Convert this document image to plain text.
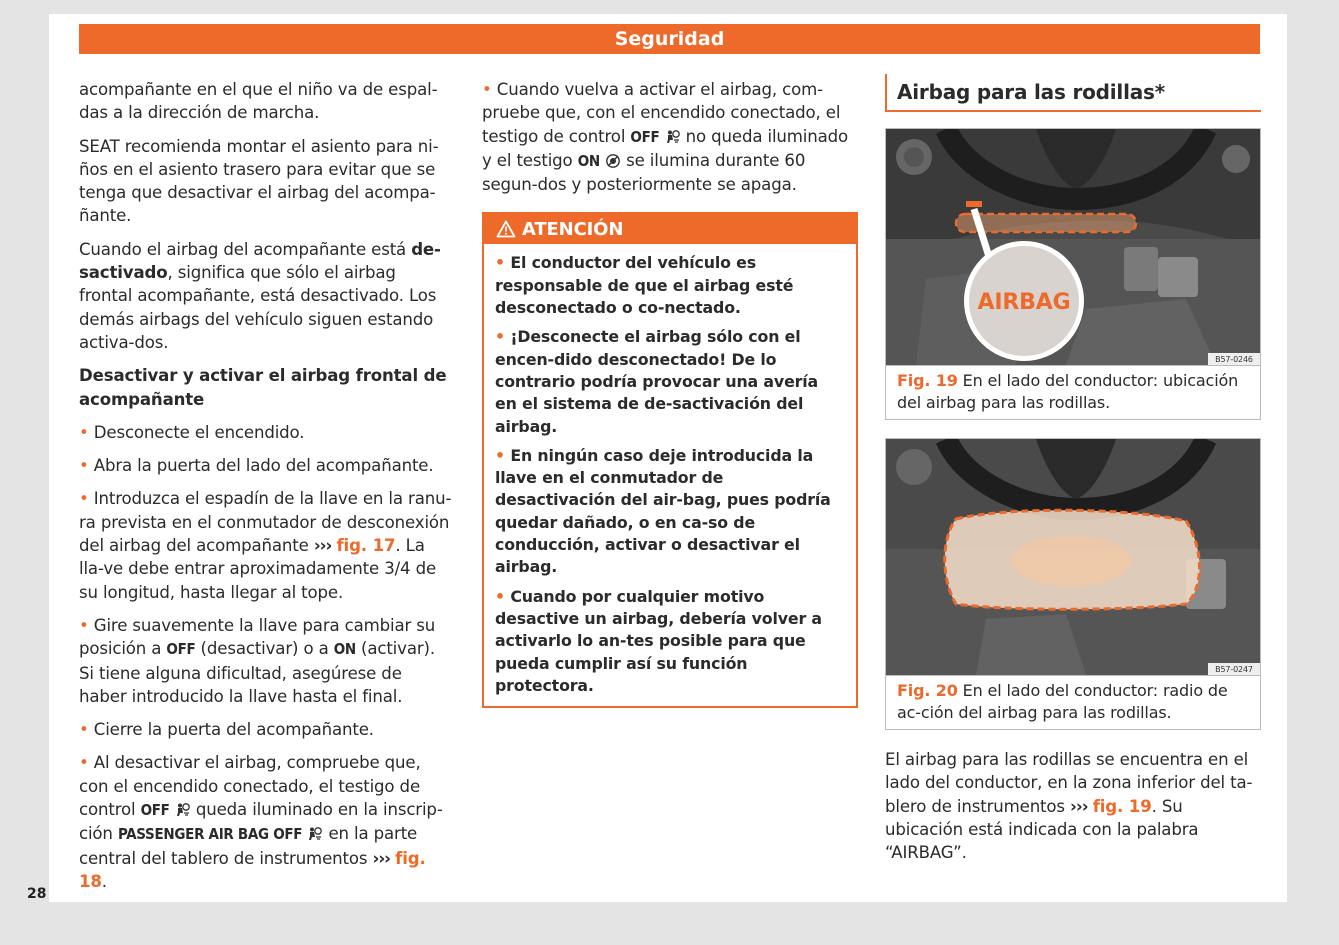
Seguridad
28

acompañante en el que el niño va de espal-das a la dirección de marcha.

SEAT recomienda montar el asiento para ni-ños en el asiento trasero para evitar que se tenga que desactivar el airbag del acompa-ñante.

Cuando el airbag del acompañante está de-sactivado, significa que sólo el airbag frontal acompañante, está desactivado. Los demás airbags del vehículo siguen estando activa-dos.

Desactivar y activar el airbag frontal de acompañante

• Desconecte el encendido.

• Abra la puerta del lado del acompañante.

• Introduzca el espadín de la llave en la ranu-ra prevista en el conmutador de desconexión del airbag del acompañante ››› fig. 17. La lla-ve debe entrar aproximadamente 3/4 de su longitud, hasta llegar al tope.

• Gire suavemente la llave para cambiar su posición a OFF (desactivar) o a ON (activar). Si tiene alguna dificultad, asegúrese de haber introducido la llave hasta el final.

• Cierre la puerta del acompañante.

• Al desactivar el airbag, compruebe que, con el encendido conectado, el testigo de control OFF  queda iluminado en la inscrip-ción PASSENGER AIR BAG OFF  en la parte central del tablero de instrumentos ››› fig. 18.

• Cuando vuelva a activar el airbag, com-pruebe que, con el encendido conectado, el testigo de control OFF  no queda iluminado y el testigo ON  se ilumina durante 60 segun-dos y posteriormente se apaga.

ATENCIÓN

• El conductor del vehículo es responsable de que el airbag esté desconectado o co-nectado.

• ¡Desconecte el airbag sólo con el encen-dido desconectado! De lo contrario podría provocar una avería en el sistema de de-sactivación del airbag.

• En ningún caso deje introducida la llave en el conmutador de desactivación del air-bag, pues podría quedar dañado, o en ca-so de conducción, activar o desactivar el airbag.

• Cuando por cualquier motivo desactive un airbag, debería volver a activarlo lo an-tes posible para que pueda cumplir así su función protectora.

Airbag para las rodillas*
AIRBAG
B57-0246
Fig. 19 En el lado del conductor: ubicación del airbag para las rodillas.
B57-0247
Fig. 20 En el lado del conductor: radio de ac-ción del airbag para las rodillas.

El airbag para las rodillas se encuentra en el lado del conductor, en la zona inferior del ta-blero de instrumentos ››› fig. 19. Su ubicación está indicada con la palabra “AIRBAG”.
